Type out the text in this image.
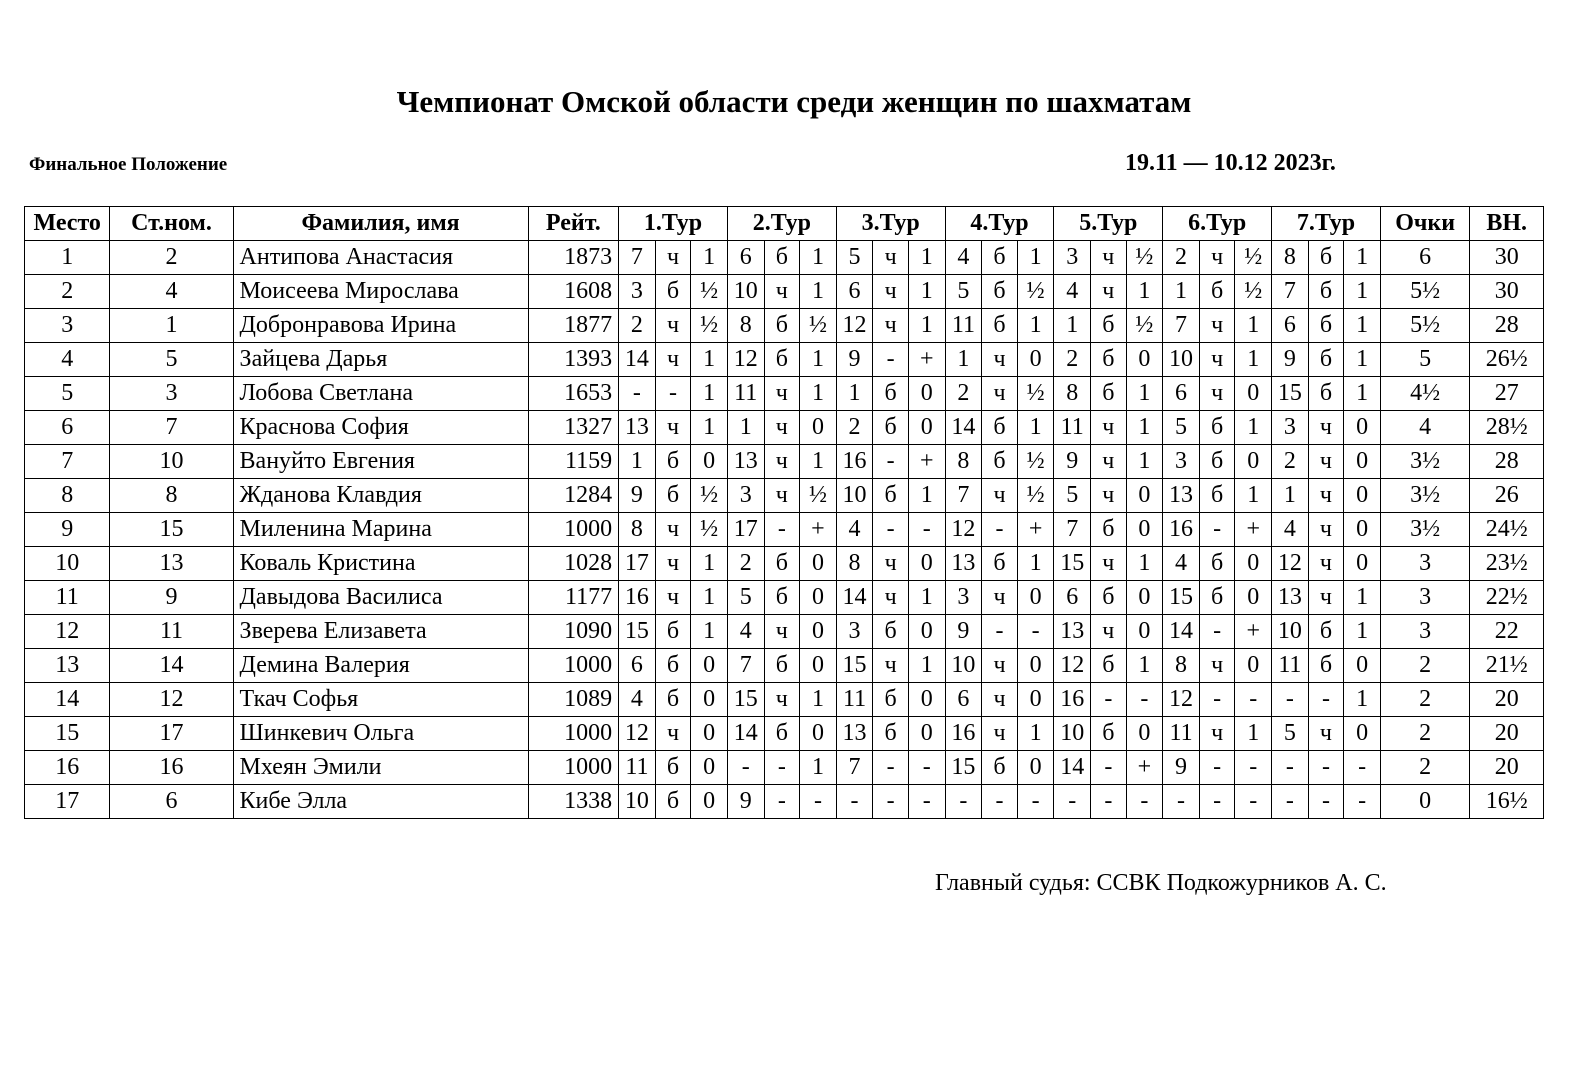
Чемпионат Омской области среди женщин по шахматам
Финальное Положение	19.11 — 10.12 2023г.
Место	Ст.ном.	Фамилия, имя	Рейт.	1.Тур			2.Тур			3.Тур			4.Тур			5.Тур			6.Тур			7.Тур			Очки	ВН.
1	2	Антипова Анастасия	1873	7	ч	1	6	б	1	5	ч	1	4	б	1	3	ч	½	2	ч	½	8	б	1	6	30
2	4	Моисеева Мирослава	1608	3	б	½	10	ч	1	6	ч	1	5	б	½	4	ч	1	1	б	½	7	б	1	5½	30
3	1	Добронравова Ирина	1877	2	ч	½	8	б	½	12	ч	1	11	б	1	1	б	½	7	ч	1	6	б	1	5½	28
4	5	Зайцева Дарья	1393	14	ч	1	12	б	1	9	-	+	1	ч	0	2	б	0	10	ч	1	9	б	1	5	26½
5	3	Лобова Светлана	1653	-	-	1	11	ч	1	1	б	0	2	ч	½	8	б	1	6	ч	0	15	б	1	4½	27
6	7	Краснова София	1327	13	ч	1	1	ч	0	2	б	0	14	б	1	11	ч	1	5	б	1	3	ч	0	4	28½
7	10	Вануйто Евгения	1159	1	б	0	13	ч	1	16	-	+	8	б	½	9	ч	1	3	б	0	2	ч	0	3½	28
8	8	Жданова Клавдия	1284	9	б	½	3	ч	½	10	б	1	7	ч	½	5	ч	0	13	б	1	1	ч	0	3½	26
9	15	Миленина Марина	1000	8	ч	½	17	-	+	4	-	-	12	-	+	7	б	0	16	-	+	4	ч	0	3½	24½
10	13	Коваль Кристина	1028	17	ч	1	2	б	0	8	ч	0	13	б	1	15	ч	1	4	б	0	12	ч	0	3	23½
11	9	Давыдова Василиса	1177	16	ч	1	5	б	0	14	ч	1	3	ч	0	6	б	0	15	б	0	13	ч	1	3	22½
12	11	Зверева Елизавета	1090	15	б	1	4	ч	0	3	б	0	9	-	-	13	ч	0	14	-	+	10	б	1	3	22
13	14	Демина Валерия	1000	6	б	0	7	б	0	15	ч	1	10	ч	0	12	б	1	8	ч	0	11	б	0	2	21½
14	12	Ткач Софья	1089	4	б	0	15	ч	1	11	б	0	6	ч	0	16	-	-	12	-	-	-	-	1	2	20
15	17	Шинкевич Ольга	1000	12	ч	0	14	б	0	13	б	0	16	ч	1	10	б	0	11	ч	1	5	ч	0	2	20
16	16	Мхеян Эмили	1000	11	б	0	-	-	1	7	-	-	15	б	0	14	-	+	9	-	-	-	-	-	2	20
17	6	Кибе Элла	1338	10	б	0	9	-	-	-	-	-	-	-	-	-	-	-	-	-	-	-	-	-	0	16½
Главный судья: ССВК Подкожурников А. С.
